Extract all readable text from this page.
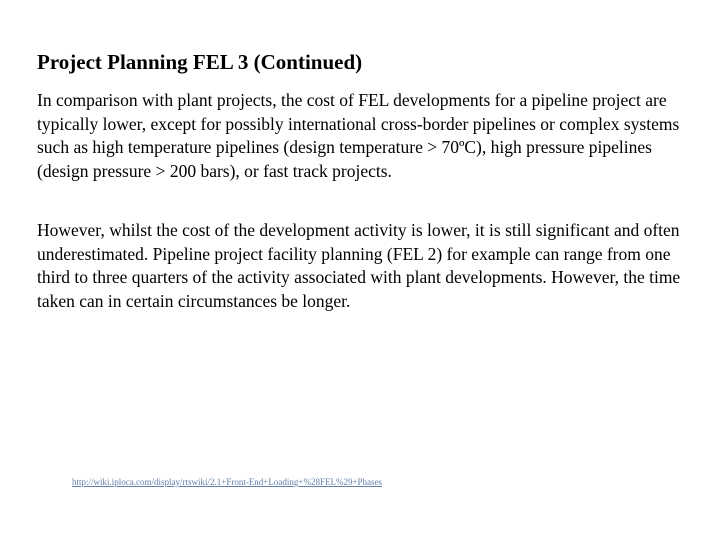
Project Planning FEL 3 (Continued)

In comparison with plant projects, the cost of FEL developments for a pipeline project are typically lower, except for possibly international cross-border pipelines or complex systems such as high temperature pipelines (design temperature > 70ºC), high pressure pipelines (design pressure > 200 bars), or fast track projects.

However, whilst the cost of the development activity is lower, it is still significant and often underestimated. Pipeline project facility planning (FEL 2) for example can range from one third to three quarters of the activity associated with plant developments. However, the time taken can in certain circumstances be longer.

http://wiki.iploca.com/display/rtswiki/2.1+Front-End+Loading+%28FEL%29+Phases
